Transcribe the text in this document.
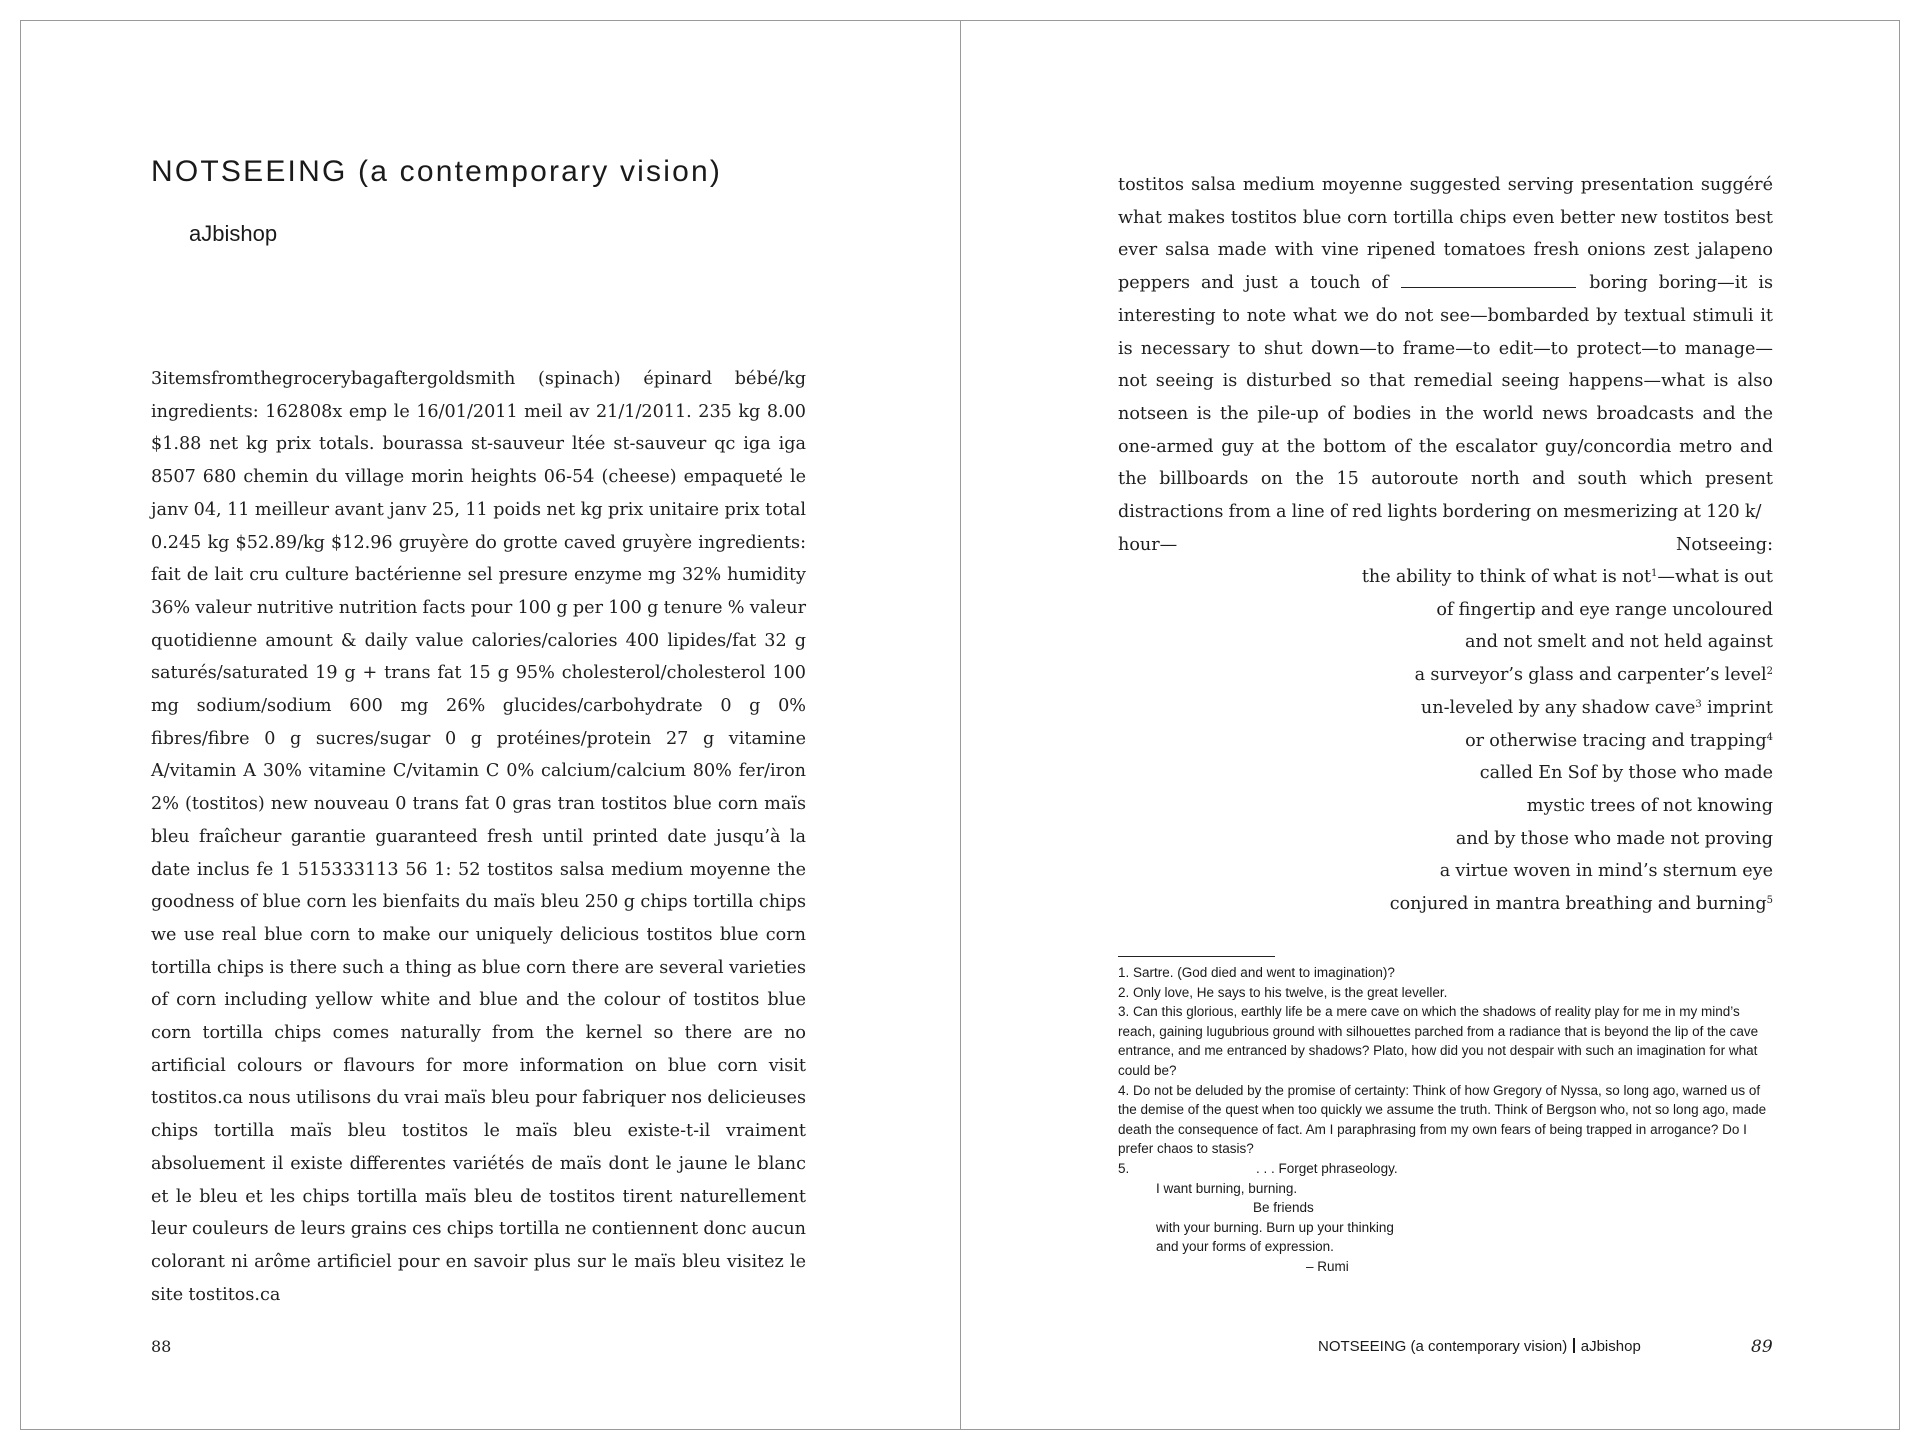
NOTSEEING (a contemporary vision)
aJbishop

3itemsfromthegrocerybagaftergoldsmith (spinach) épinard bébé/kg ingredients: 162808x emp le 16/01/2011 meil av 21/1/2011. 235 kg 8.00 $1.88 net kg prix totals. bourassa st-sauveur ltée st-sauveur qc iga iga 8507 680 chemin du village morin heights 06-54 (cheese) empaqueté le janv 04, 11 meilleur avant janv 25, 11 poids net kg prix unitaire prix total 0.245 kg $52.89/kg $12.96 gruyère do grotte caved gruyère ingredients: fait de lait cru culture bactérienne sel presure enzyme mg 32% humidity 36% valeur nutritive nutrition facts pour 100 g per 100 g tenure % valeur quotidienne amount & daily value calories/calories 400 lipides/fat 32 g saturés/saturated 19 g + trans fat 15 g 95% cholesterol/cholesterol 100 mg sodium/sodium 600 mg 26% glucides/carbohydrate 0 g 0% fibres/fibre 0 g sucres/sugar 0 g protéines/protein 27 g vitamine A/vitamin A 30% vitamine C/vitamin C 0% calcium/calcium 80% fer/iron 2% (tostitos) new nouveau 0 trans fat 0 gras tran tostitos blue corn maïs bleu fraîcheur garantie guaranteed fresh until printed date jusqu’à la date inclus fe 1 515333113 56 1: 52 tostitos salsa medium moyenne the goodness of blue corn les bienfaits du maïs bleu 250 g chips tortilla chips we use real blue corn to make our uniquely delicious tostitos blue corn tortilla chips is there such a thing as blue corn there are several varieties of corn including yellow white and blue and the colour of tostitos blue corn tortilla chips comes naturally from the kernel so there are no artificial colours or flavours for more information on blue corn visit tostitos.ca nous utilisons du vrai maïs bleu pour fabriquer nos delicieuses chips tortilla maïs bleu tostitos le maïs bleu existe-t-il vraiment absoluement il existe differentes variétés de maïs dont le jaune le blanc et le bleu et les chips tortilla maïs bleu de tostitos tirent naturellement leur couleurs de leurs grains ces chips tortilla ne contiennent donc aucun colorant ni arôme artificiel pour en savoir plus sur le maïs bleu visitez le site tostitos.ca

88
tostitos salsa medium moyenne suggested serving presentation suggéré what makes tostitos blue corn tortilla chips even better new tostitos best ever salsa made with vine ripened tomatoes fresh onions zest jalapeno peppers and just a touch of	boring boring—it is interesting to note what we do not see—bombarded by textual stimuli it is necessary to shut down—to frame—to edit—to protect—to manage—not seeing is disturbed so that remedial seeing happens—what is also notseen is the pile-up of bodies in the world news broadcasts and the one-armed guy at the bottom of the escalator guy/concordia metro and the billboards on the 15 autoroute north and south which present distractions from a line of red lights bordering on mesmerizing at 120 k/
hour—	Notseeing:
the ability to think of what is not$^1$—what is out
of fingertip and eye range uncoloured
and not smelt and not held against
a surveyor’s glass and carpenter’s level$^2$
un-leveled by any shadow cave$^3$ imprint
or otherwise tracing and trapping$^4$
called En Sof by those who made
mystic trees of not knowing
and by those who made not proving
a virtue woven in mind’s sternum eye
conjured in mantra breathing and burning$^5$

1. Sartre. (God died and went to imagination)?

2. Only love, He says to his twelve, is the great leveller.

3. Can this glorious, earthly life be a mere cave on which the shadows of reality play for me in my mind’s reach, gaining lugubrious ground with silhouettes parched from a radiance that is beyond the lip of the cave entrance, and me entranced by shadows? Plato, how did you not despair with such an imagination for what could be?

4. Do not be deluded by the promise of certainty: Think of how Gregory of Nyssa, so long ago, warned us of the demise of the quest when too quickly we assume the truth. Think of Bergson who, not so long ago, made death the consequence of fact. Am I paraphrasing from my own fears of being trapped in arrogance? Do I prefer chaos to stasis?

5.	. . . Forget phraseology.

I want burning, burning.

Be friends

with your burning. Burn up your thinking

and your forms of expression.

– Rumi

NOTSEEING (a contemporary vision) aJbishop	89
